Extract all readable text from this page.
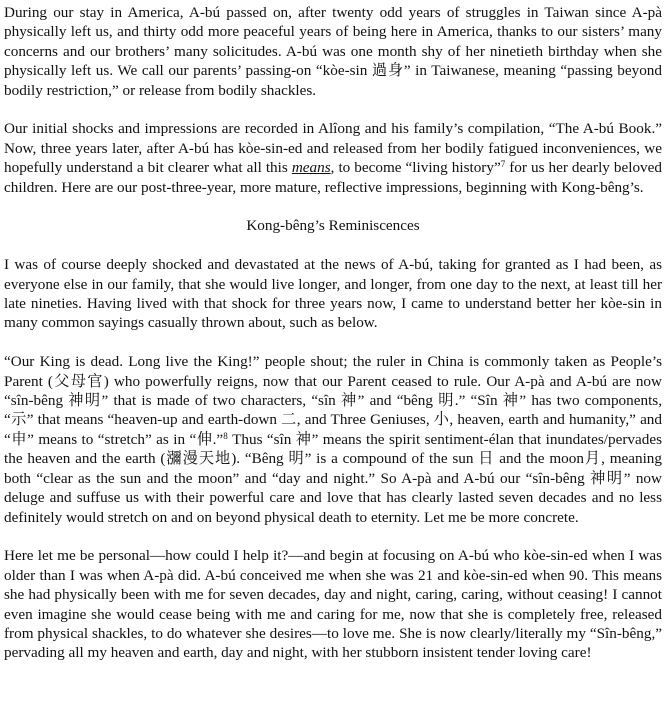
During our stay in America, A-bú passed on, after twenty odd years of struggles in Taiwan since A-pà physically left us, and thirty odd more peaceful years of being here in America, thanks to our sisters’ many concerns and our brothers’ many solicitudes. A-bú was one month shy of her ninetieth birthday when she physically left us. We call our parents’ passing-on “kòe-sin 過身” in Taiwanese, meaning “passing beyond bodily restriction,” or release from bodily shackles.

Our initial shocks and impressions are recorded in Alîong and his family’s compilation, “The A-bú Book.” Now, three years later, after A-bú has kòe-sin-ed and released from her bodily fatigued inconveniences, we hopefully understand a bit clearer what all this means, to become “living history”$^7$ for us her dearly beloved children. Here are our post-three-year, more mature, reflective impressions, beginning with Kong-bêng’s.

Kong-bêng’s Reminiscences

I was of course deeply shocked and devastated at the news of A-bú, taking for granted as I had been, as everyone else in our family, that she would live longer, and longer, from one day to the next, at least till her late nineties. Having lived with that shock for three years now, I came to understand better her kòe-sin in many common sayings casually thrown about, such as below.

“Our King is dead. Long live the King!” people shout; the ruler in China is commonly taken as People’s Parent (父母官) who powerfully reigns, now that our Parent ceased to rule. Our A-pà and A-bú are now “sîn-bêng 神明” that is made of two characters, “sîn 神” and “bêng 明.” “Sîn 神” has two components, “示” that means “heaven-up and earth-down 二, and Three Geniuses, 小, heaven, earth and humanity,” and “申” means to “stretch” as in “伸.”$^8$ Thus “sîn 神” means the spirit sentiment-élan that inundates/pervades the heaven and the earth (瀰漫天地). “Bêng 明” is a compound of the sun 日 and the moon月, meaning both “clear as the sun and the moon” and “day and night.” So A-pà and A-bú our “sîn-bêng 神明” now deluge and suffuse us with their powerful care and love that has clearly lasted seven decades and no less definitely would stretch on and on beyond physical death to eternity. Let me be more concrete.

Here let me be personal—how could I help it?—and begin at focusing on A-bú who kòe-sin-ed when I was older than I was when A-pà did. A-bú conceived me when she was 21 and kòe-sin-ed when 90. This means she had physically been with me for seven decades, day and night, caring, caring, without ceasing! I cannot even imagine she would cease being with me and caring for me, now that she is completely free, released from physical shackles, to do whatever she desires—to love me. She is now clearly/literally my “Sîn-bêng,” pervading all my heaven and earth, day and night, with her stubborn insistent tender loving care!
